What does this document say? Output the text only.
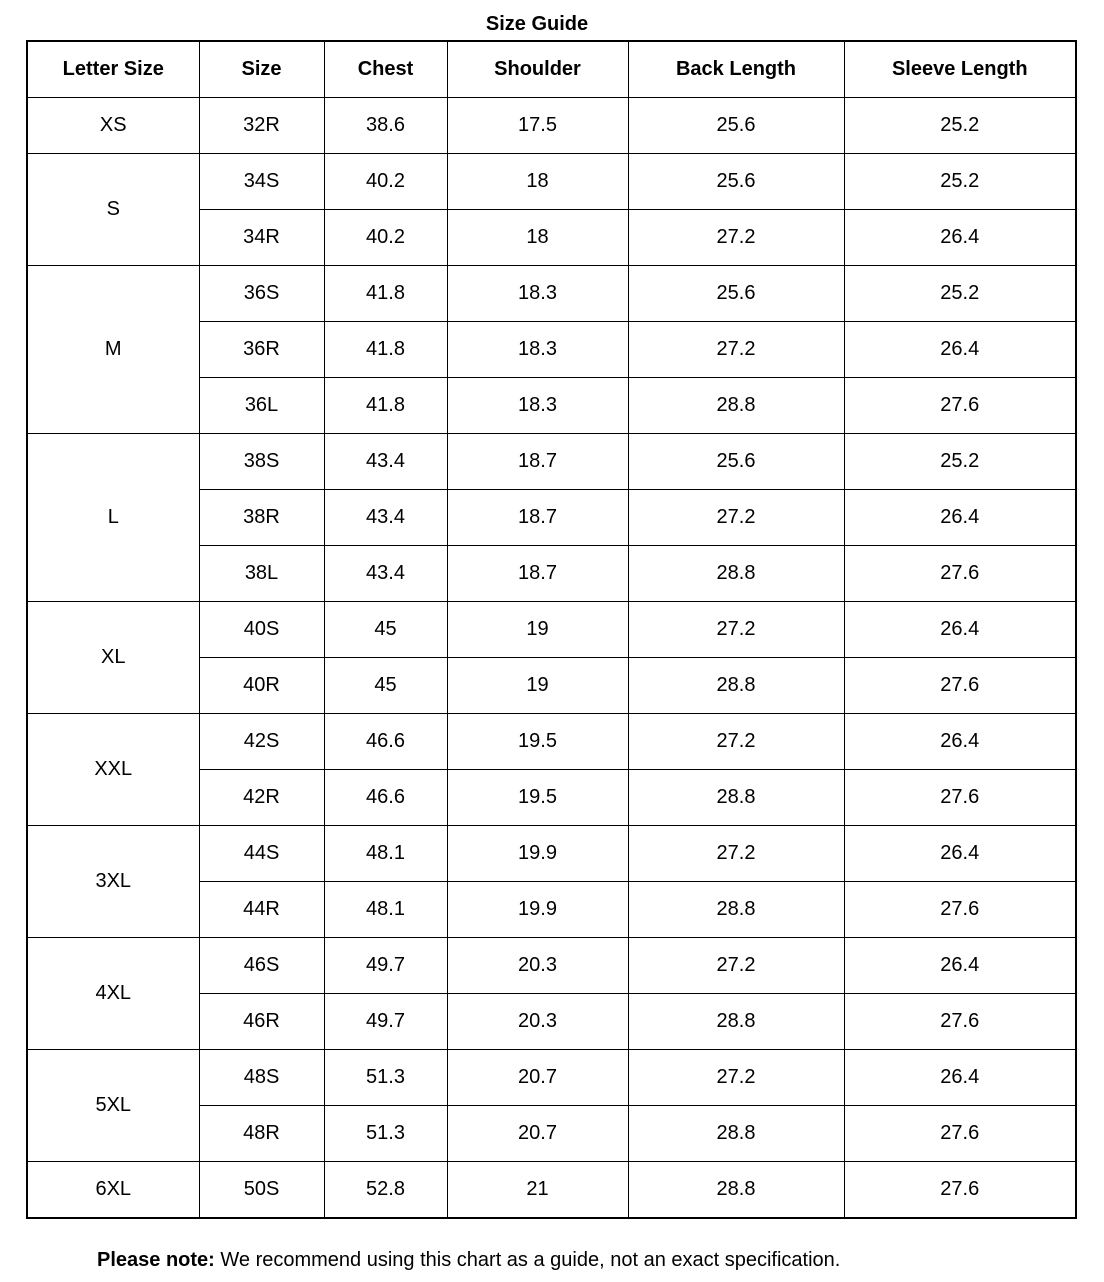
Size Guide
Letter Size	Size	Chest	Shoulder	Back Length	Sleeve Length
XS	32R	38.6	17.5	25.6	25.2
S	34S	40.2	18	25.6	25.2
	34R	40.2	18	27.2	26.4
M	36S	41.8	18.3	25.6	25.2
	36R	41.8	18.3	27.2	26.4
	36L	41.8	18.3	28.8	27.6
L	38S	43.4	18.7	25.6	25.2
	38R	43.4	18.7	27.2	26.4
	38L	43.4	18.7	28.8	27.6
XL	40S	45	19	27.2	26.4
	40R	45	19	28.8	27.6
XXL	42S	46.6	19.5	27.2	26.4
	42R	46.6	19.5	28.8	27.6
3XL	44S	48.1	19.9	27.2	26.4
	44R	48.1	19.9	28.8	27.6
4XL	46S	49.7	20.3	27.2	26.4
	46R	49.7	20.3	28.8	27.6
5XL	48S	51.3	20.7	27.2	26.4
	48R	51.3	20.7	28.8	27.6
6XL	50S	52.8	21	28.8	27.6
Please note: We recommend using this chart as a guide, not an exact specification.
